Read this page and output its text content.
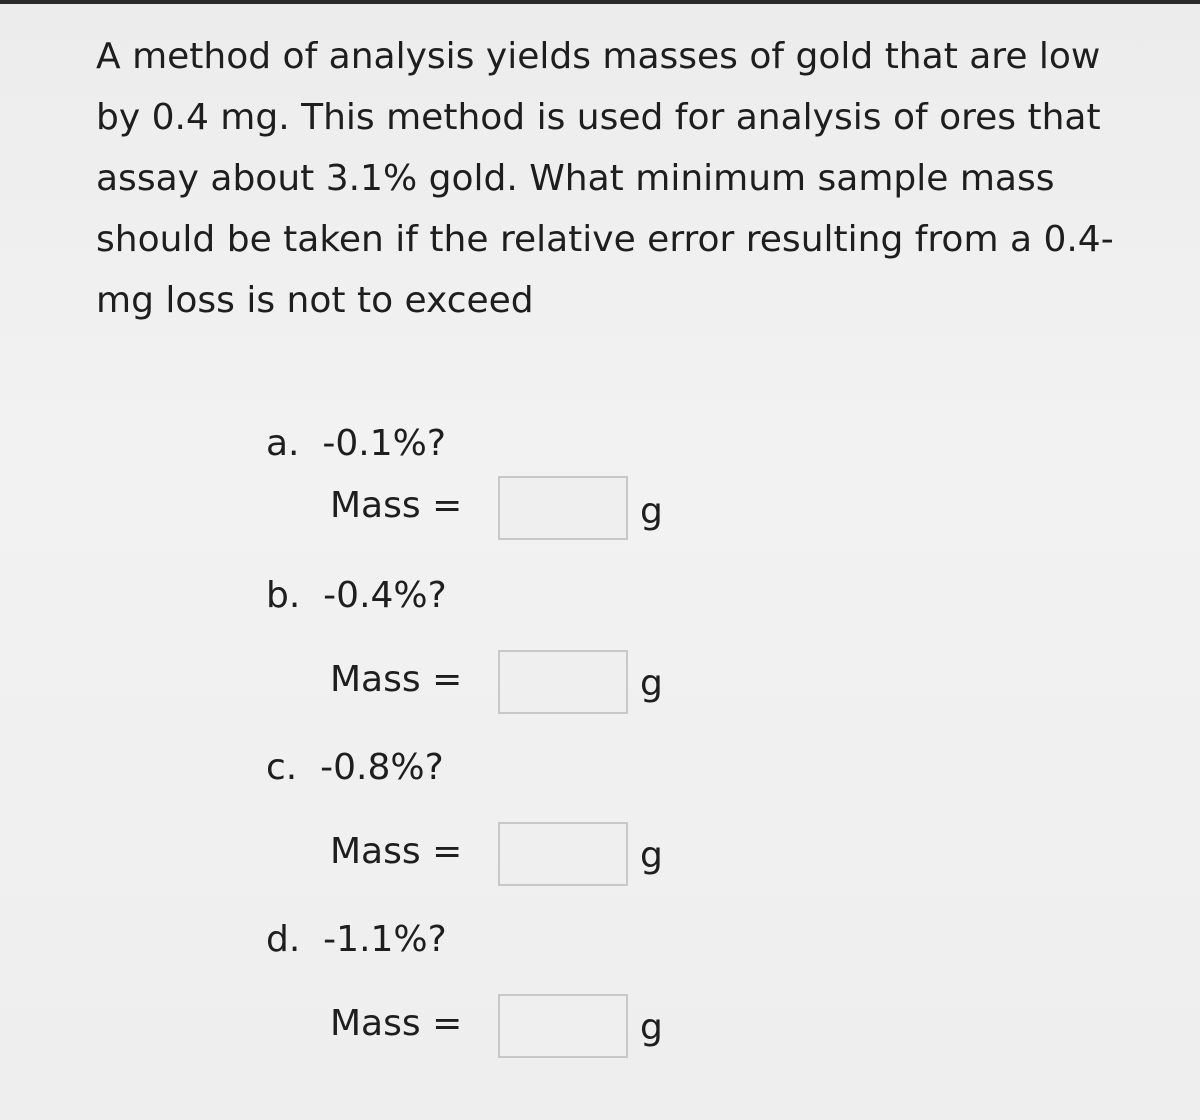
A method of analysis yields masses of gold that are low by 0.4 mg. This method is used for analysis of ores that assay about 3.1% gold. What minimum sample mass should be taken if the relative error resulting from a 0.4-mg loss is not to exceed

a.  -0.1%?
Mass =	g
b.  -0.4%?
Mass =	g
c.  -0.8%?
Mass =	g
d.  -1.1%?
Mass =	g
